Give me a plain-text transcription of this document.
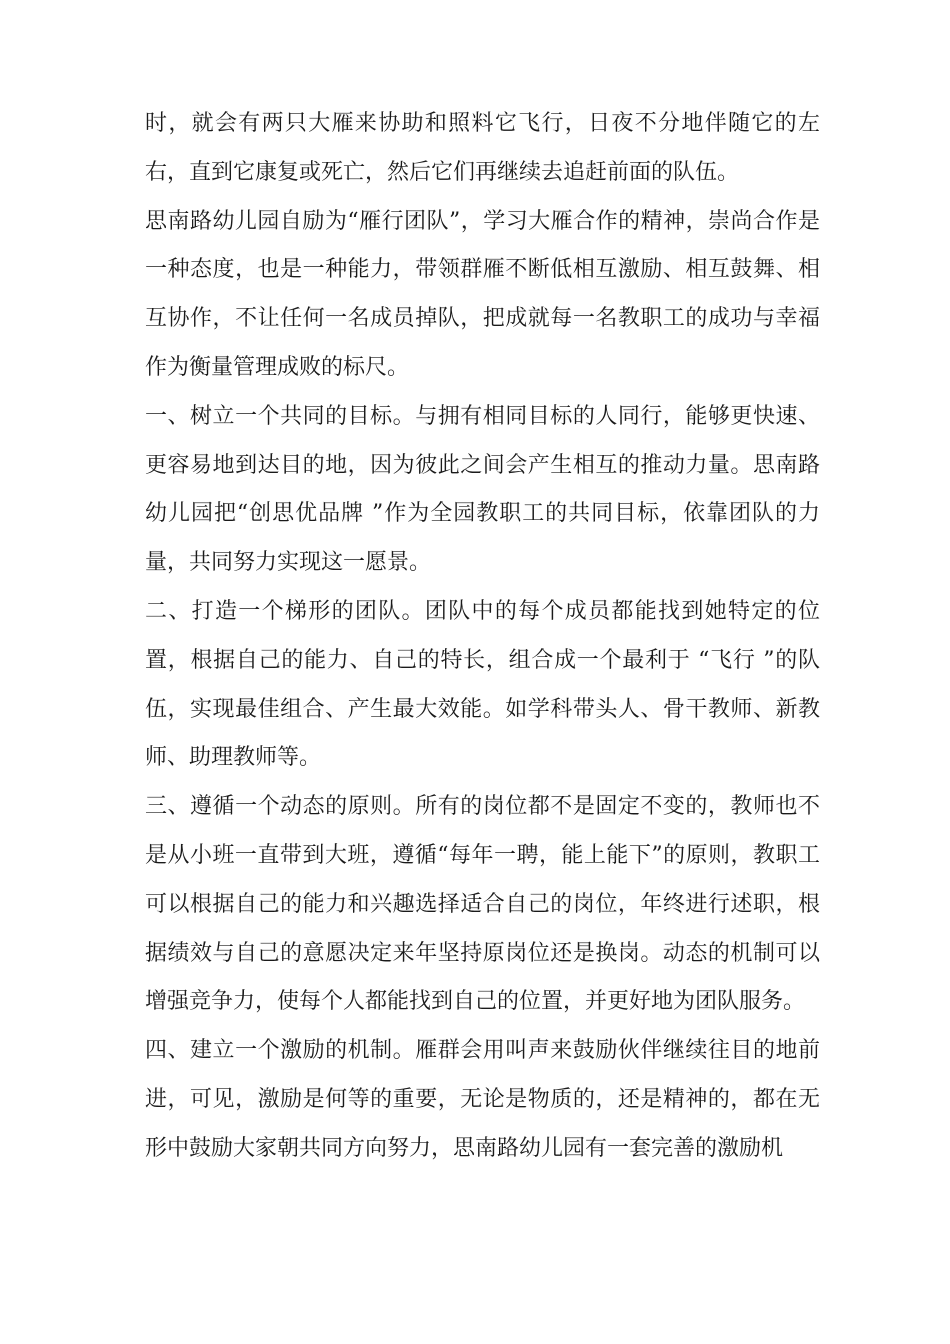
时，就会有两只大雁来协助和照料它飞行，日夜不分地伴随它的左右，直到它康复或死亡，然后它们再继续去追赶前面的队伍。

思南路幼儿园自励为“雁行团队”，学习大雁合作的精神，崇尚合作是一种态度，也是一种能力，带领群雁不断低相互激励、相互鼓舞、相互协作，不让任何一名成员掉队，把成就每一名教职工的成功与幸福作为衡量管理成败的标尺。

一、树立一个共同的目标。与拥有相同目标的人同行，能够更快速、更容易地到达目的地，因为彼此之间会产生相互的推动力量。思南路幼儿园把“创思优品牌 ”作为全园教职工的共同目标，依靠团队的力量，共同努力实现这一愿景。

二、打造一个梯形的团队。团队中的每个成员都能找到她特定的位置，根据自己的能力、自己的特长，组合成一个最利于 “飞行 ”的队伍，实现最佳组合、产生最大效能。如学科带头人、骨干教师、新教师、助理教师等。

三、遵循一个动态的原则。所有的岗位都不是固定不变的，教师也不是从小班一直带到大班，遵循“每年一聘，能上能下”的原则，教职工可以根据自己的能力和兴趣选择适合自己的岗位，年终进行述职，根据绩效与自己的意愿决定来年坚持原岗位还是换岗。动态的机制可以增强竞争力，使每个人都能找到自己的位置，并更好地为团队服务。

四、建立一个激励的机制。雁群会用叫声来鼓励伙伴继续往目的地前进，可见，激励是何等的重要，无论是物质的，还是精神的，都在无形中鼓励大家朝共同方向努力，思南路幼儿园有一套完善的激励机
